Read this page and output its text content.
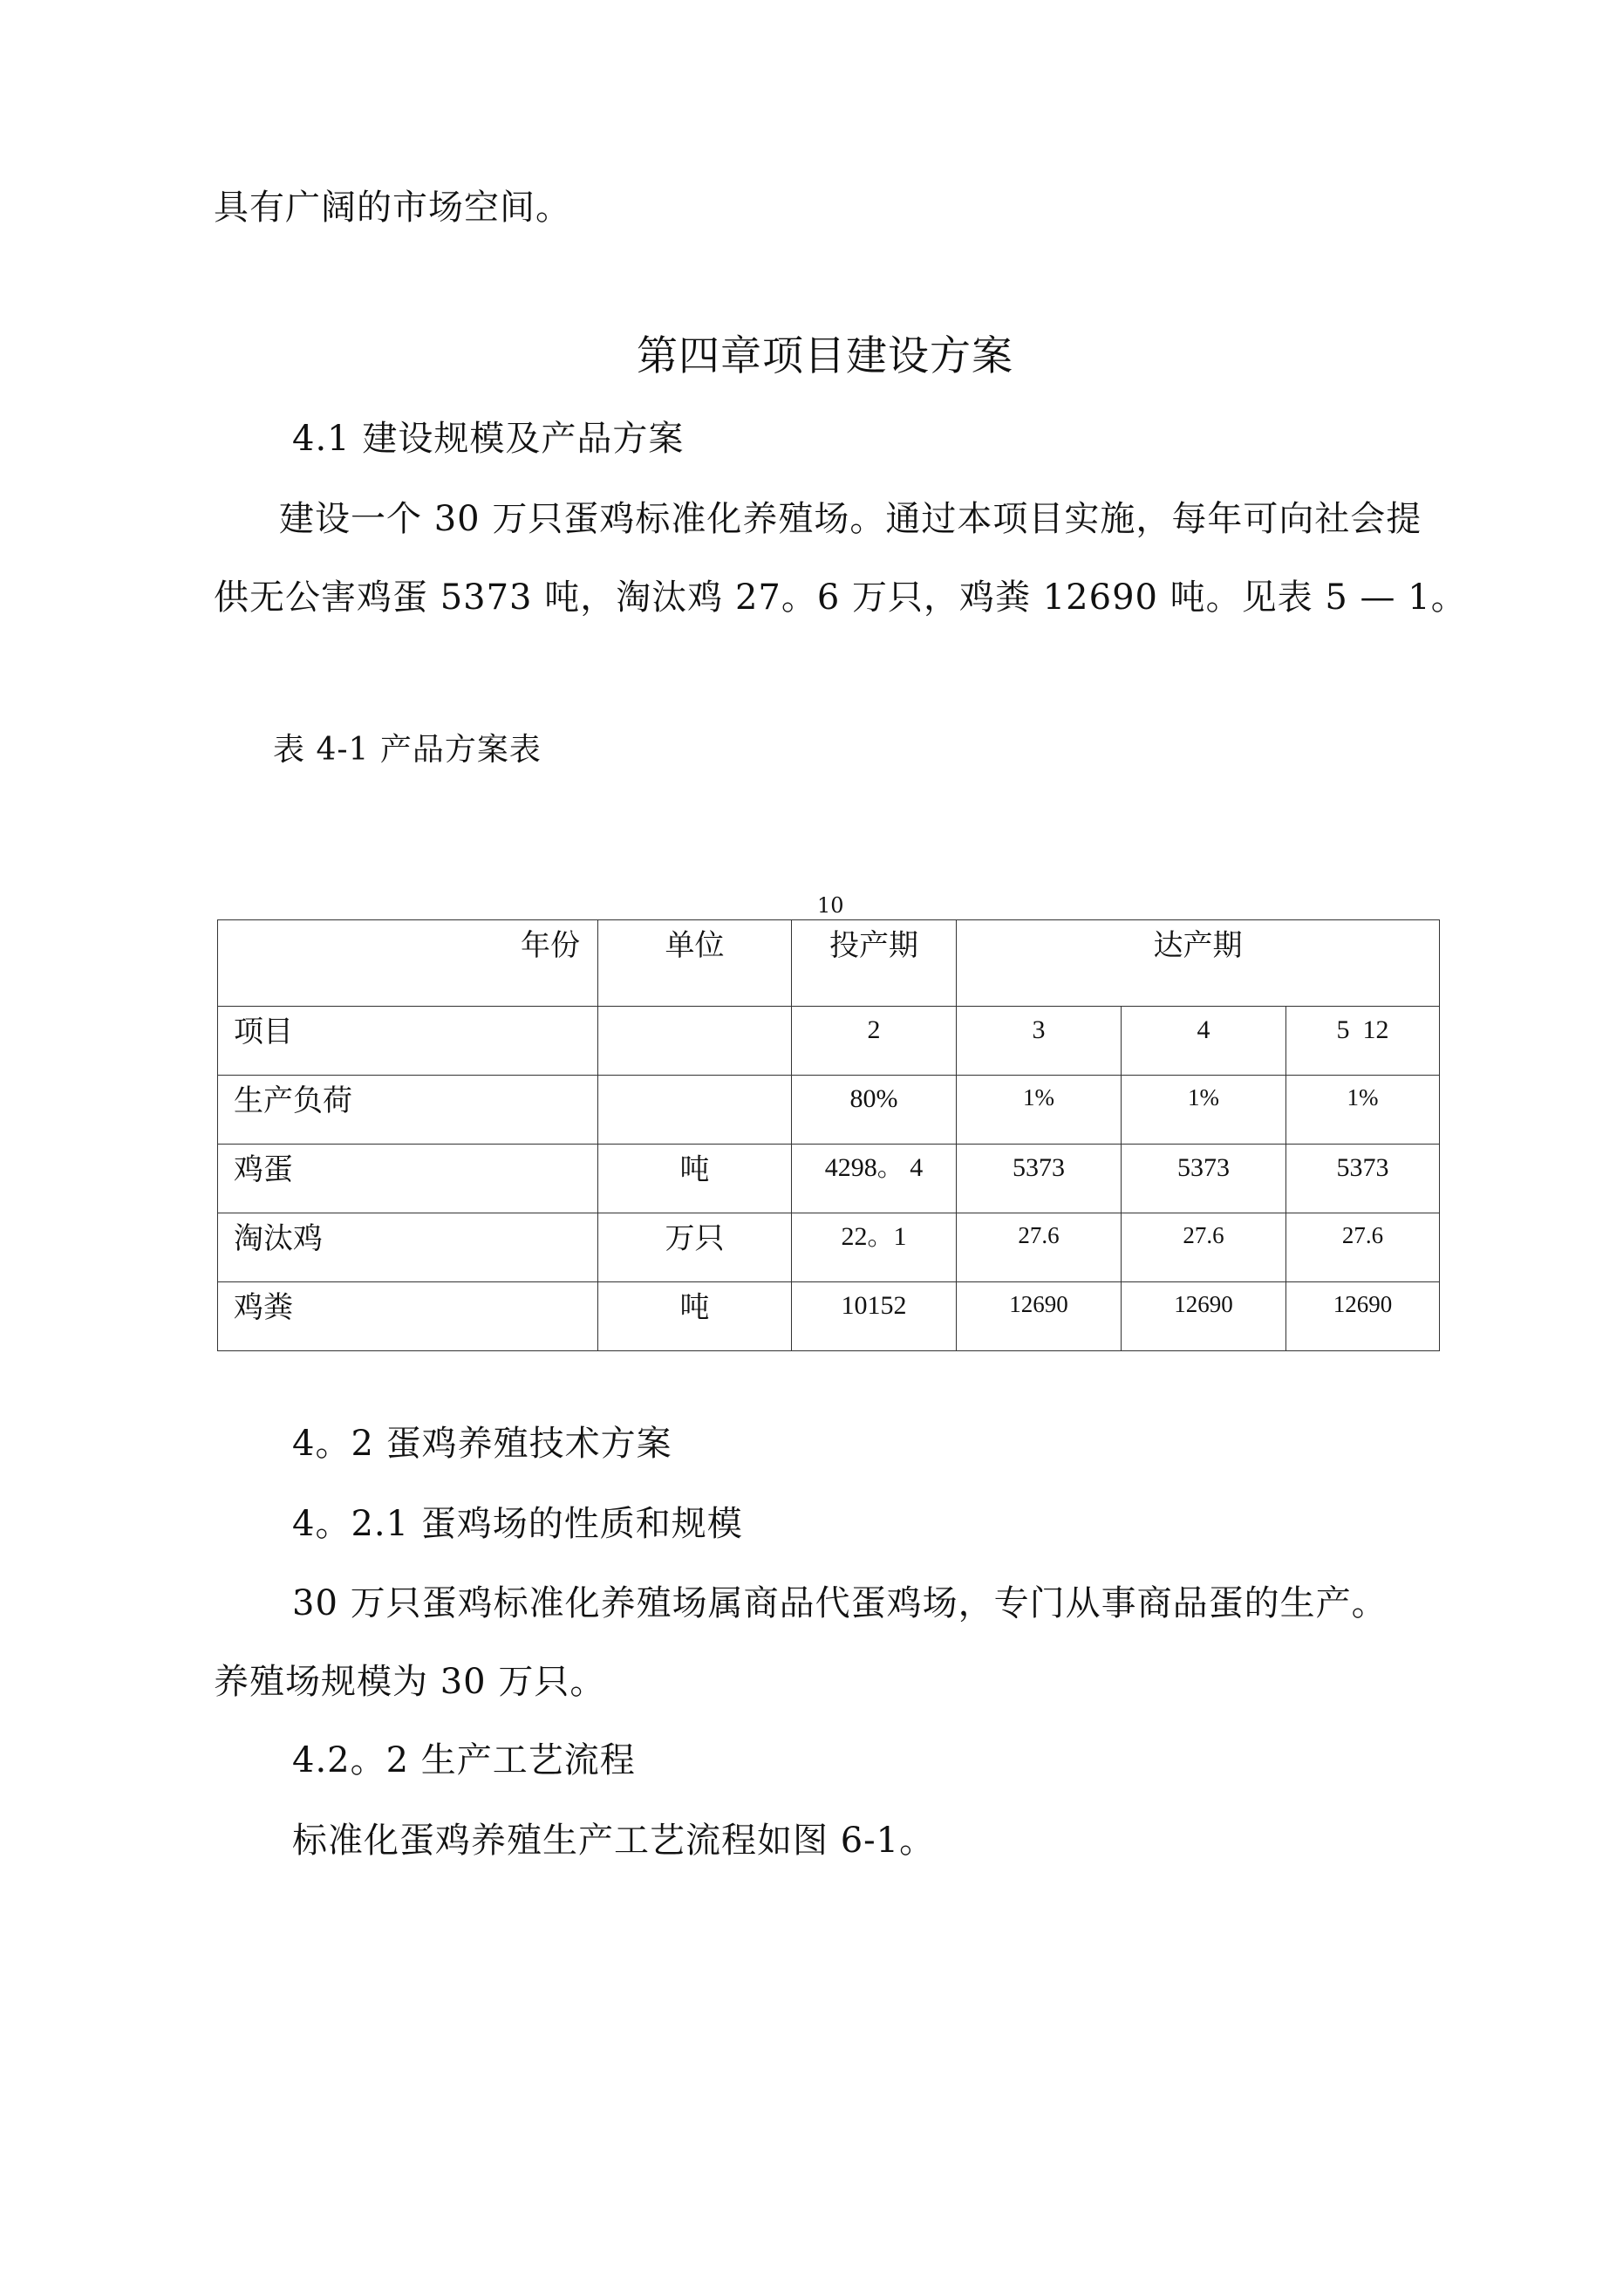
具有广阔的市场空间。
第四章项目建设方案
4.1 建设规模及产品方案
建设一个 30 万只蛋鸡标准化养殖场。通过本项目实施，每年可向社会提
供无公害鸡蛋 5373 吨，淘汰鸡 27。6 万只，鸡粪 12690 吨。见表 5 — 1。
表 4-1 产品方案表
10
年份	单位	投产期	达产期		

项目		2	3	4	5  12

生产负荷		80%	1%	1%	1%

鸡蛋	吨	4298。 4	5373	5373	5373

淘汰鸡	万只	22。1	27.6	27.6	27.6

鸡粪	吨	10152	12690	12690	12690
4。2 蛋鸡养殖技术方案
4。2.1 蛋鸡场的性质和规模
30 万只蛋鸡标准化养殖场属商品代蛋鸡场，专门从事商品蛋的生产。
养殖场规模为 30 万只。
4.2。2 生产工艺流程
标准化蛋鸡养殖生产工艺流程如图 6-1。
